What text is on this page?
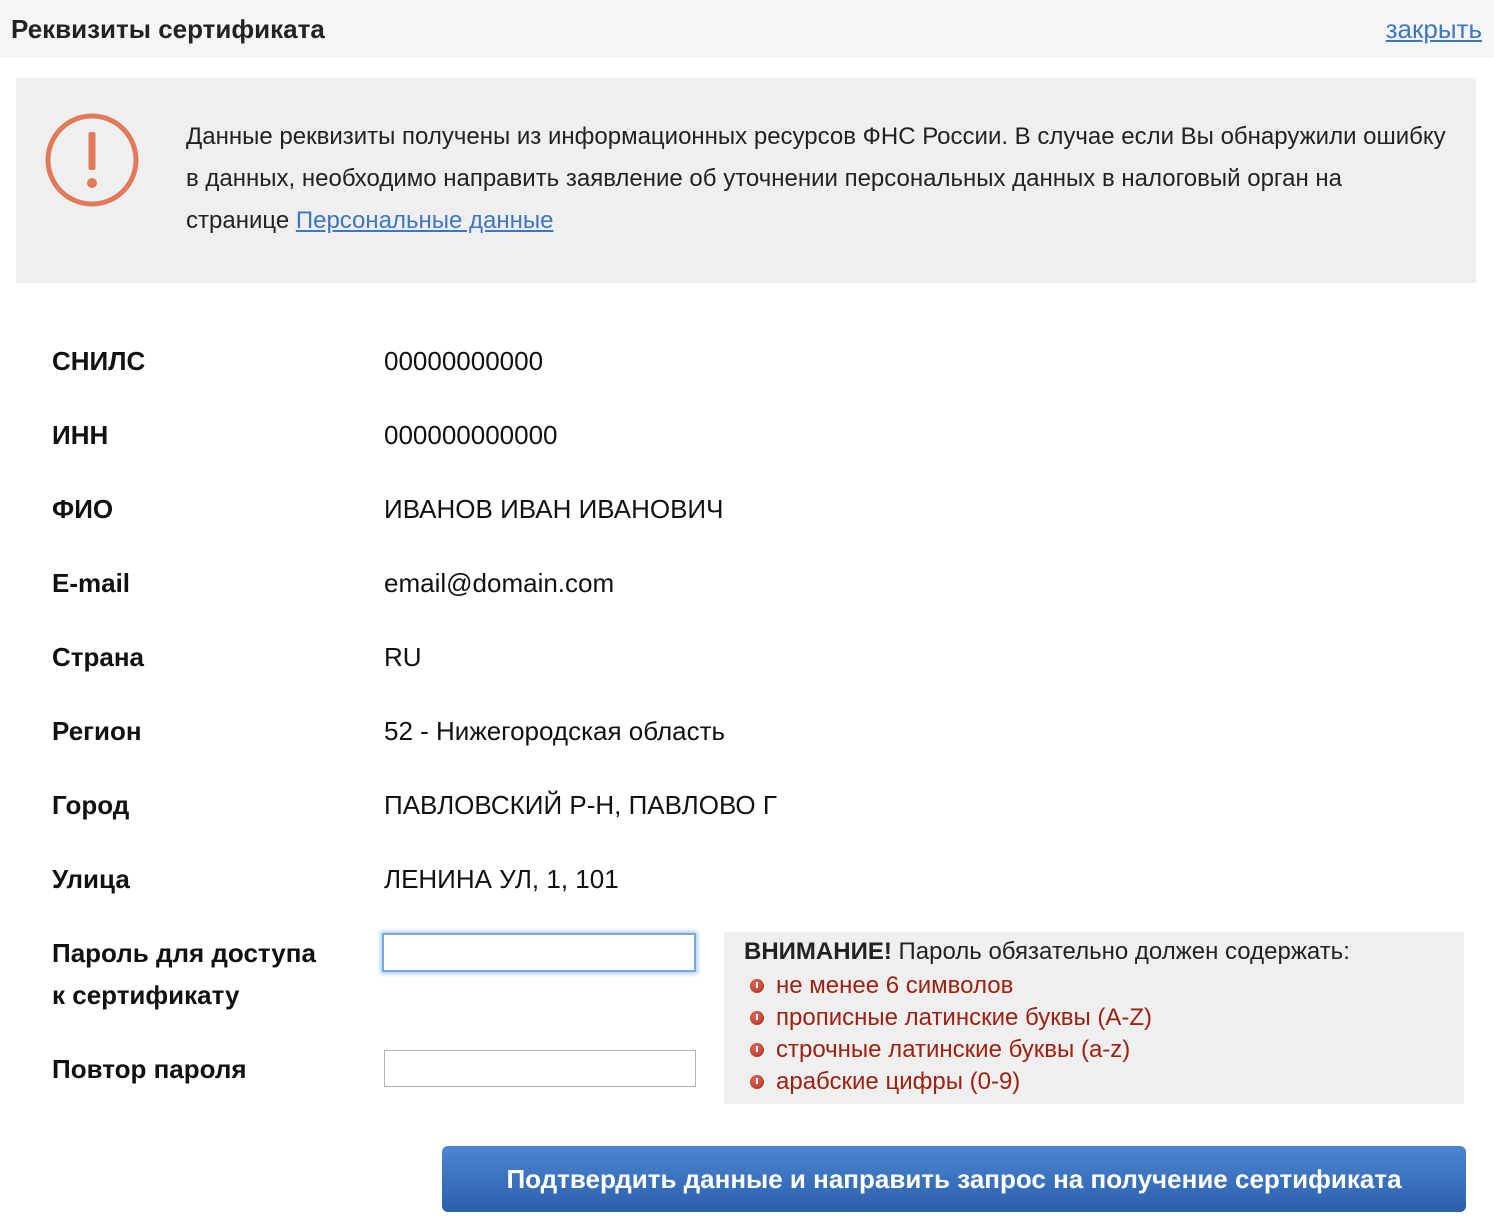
Реквизиты сертификата	закрыть
Данные реквизиты получены из информационных ресурсов ФНС России. В случае если Вы обнаружили ошибку в данных, необходимо направить заявление об уточнении персональных данных в налоговый орган на странице Персональные данные
СНИЛС	00000000000
ИНН	000000000000
ФИО	ИВАНОВ ИВАН ИВАНОВИЧ
E-mail	email@domain.com
Страна	RU
Регион	52 - Нижегородская область
Город	ПАВЛОВСКИЙ Р-Н, ПАВЛОВО Г
Улица	ЛЕНИНА УЛ, 1, 101
Пароль для доступа
к сертификату
Повтор пароля
ВНИМАНИЕ! Пароль обязательно должен содержать:
не менее 6 символов
прописные латинские буквы (A-Z)
строчные латинские буквы (a-z)
арабские цифры (0-9)
Подтвердить данные и направить запрос на получение сертификата
